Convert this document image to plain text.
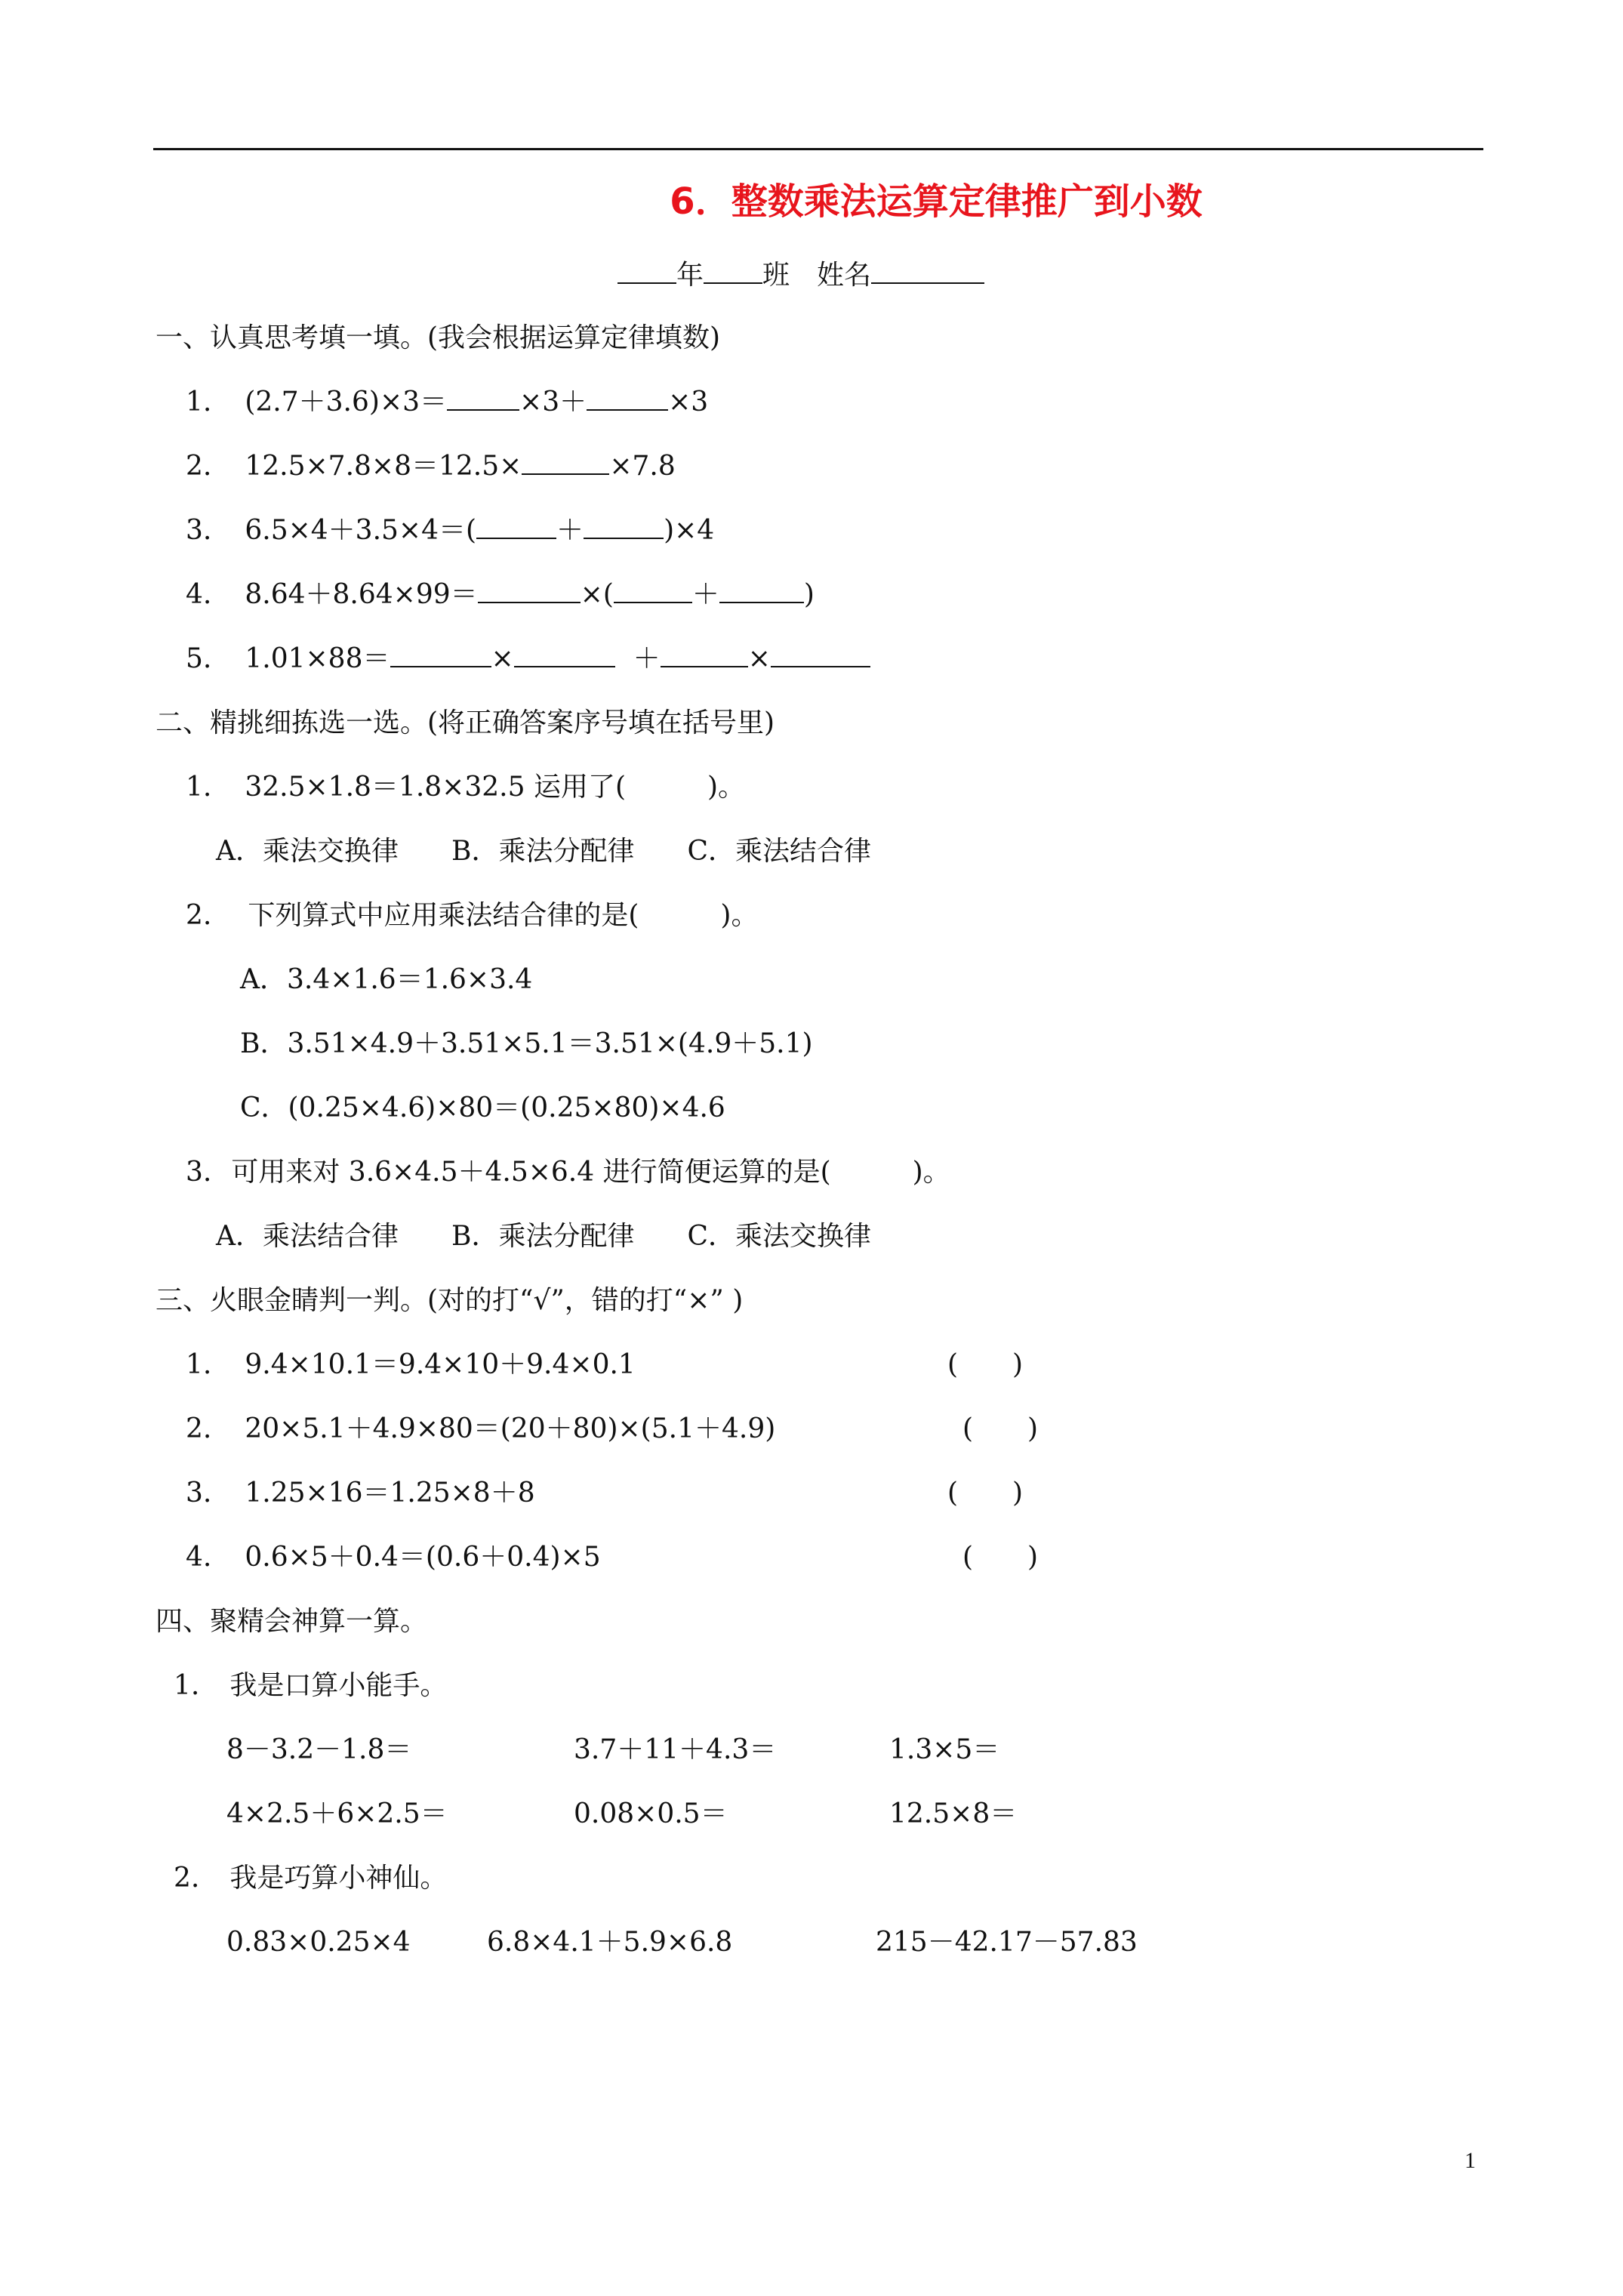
6．整数乘法运算定律推广到小数
年 班 姓名
一、认真思考填一填。(我会根据运算定律填数)
1. (2.7＋3.6)×3＝	×3＋	×3
2. 12.5×7.8×8＝12.5×	×7.8
3. 6.5×4＋3.5×4＝(	＋	)×4
4. 8.64＋8.64×99＝	×(	＋	)
5. 1.01×88＝	×	＋	×
二、精挑细拣选一选。(将正确答案序号填在括号里)
1. 32.5×1.8＝1.8×32.5 运用了(　　　)。
A．乘法交换律 B．乘法分配律 C．乘法结合律
2. 下列算式中应用乘法结合律的是(　　　)。
A．3.4×1.6＝1.6×3.4
B．3.51×4.9＋3.51×5.1＝3.51×(4.9＋5.1)
C．(0.25×4.6)×80＝(0.25×80)×4.6
3. 可用来对 3.6×4.5＋4.5×6.4 进行简便运算的是(　　　)。
A．乘法结合律 B．乘法分配律 C．乘法交换律
三、火眼金睛判一判。(对的打“√”，错的打“×” )
1. 9.4×10.1＝9.4×10＋9.4×0.1	(　　)
2. 20×5.1＋4.9×80＝(20＋80)×(5.1＋4.9)	(　　)
3. 1.25×16＝1.25×8＋8	(　　)
4. 0.6×5＋0.4＝(0.6＋0.4)×5	(　　)
四、聚精会神算一算。
1. 我是口算小能手。
8－3.2－1.8＝	3.7＋11＋4.3＝	1.3×5＝
4×2.5＋6×2.5＝	0.08×0.5＝	12.5×8＝
2. 我是巧算小神仙。
0.83×0.25×4	6.8×4.1＋5.9×6.8	215－42.17－57.83
1
